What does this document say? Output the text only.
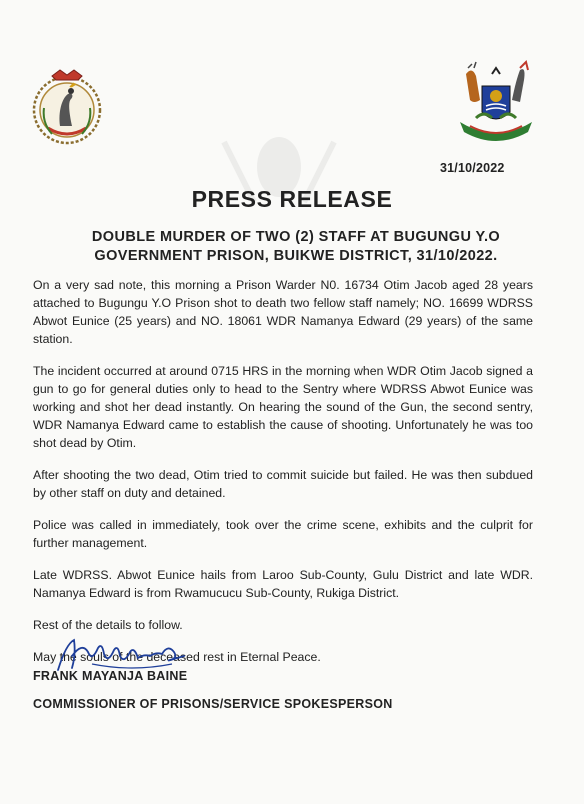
31/10/2022
PRESS RELEASE
DOUBLE MURDER OF TWO (2) STAFF AT BUGUNGU Y.O
GOVERNMENT PRISON, BUIKWE DISTRICT, 31/10/2022.

On a very sad note, this morning a Prison Warder N0. 16734 Otim Jacob aged 28 years attached to Bugungu Y.O Prison shot to death two fellow staff namely; NO. 16699 WDRSS Abwot Eunice (25 years) and NO. 18061 WDR Namanya Edward (29 years) of the same station.

The incident occurred at around 0715 HRS in the morning when WDR Otim Jacob signed a gun to go for general duties only to head to the Sentry where WDRSS Abwot Eunice was working and shot her dead instantly. On hearing the sound of the Gun, the second sentry, WDR Namanya Edward came to establish the cause of shooting. Unfortunately he was too shot dead by Otim.

After shooting the two dead, Otim tried to commit suicide but failed. He was then subdued by other staff on duty and detained.

Police was called in immediately, took over the crime scene, exhibits and the culprit for further management.

Late WDRSS. Abwot Eunice hails from Laroo Sub-County, Gulu District and late WDR. Namanya Edward is from Rwamucucu Sub-County, Rukiga District.

Rest of the details to follow.

May the souls of the deceased rest in Eternal Peace.

FRANK MAYANJA BAINE
COMMISSIONER OF PRISONS/SERVICE SPOKESPERSON
